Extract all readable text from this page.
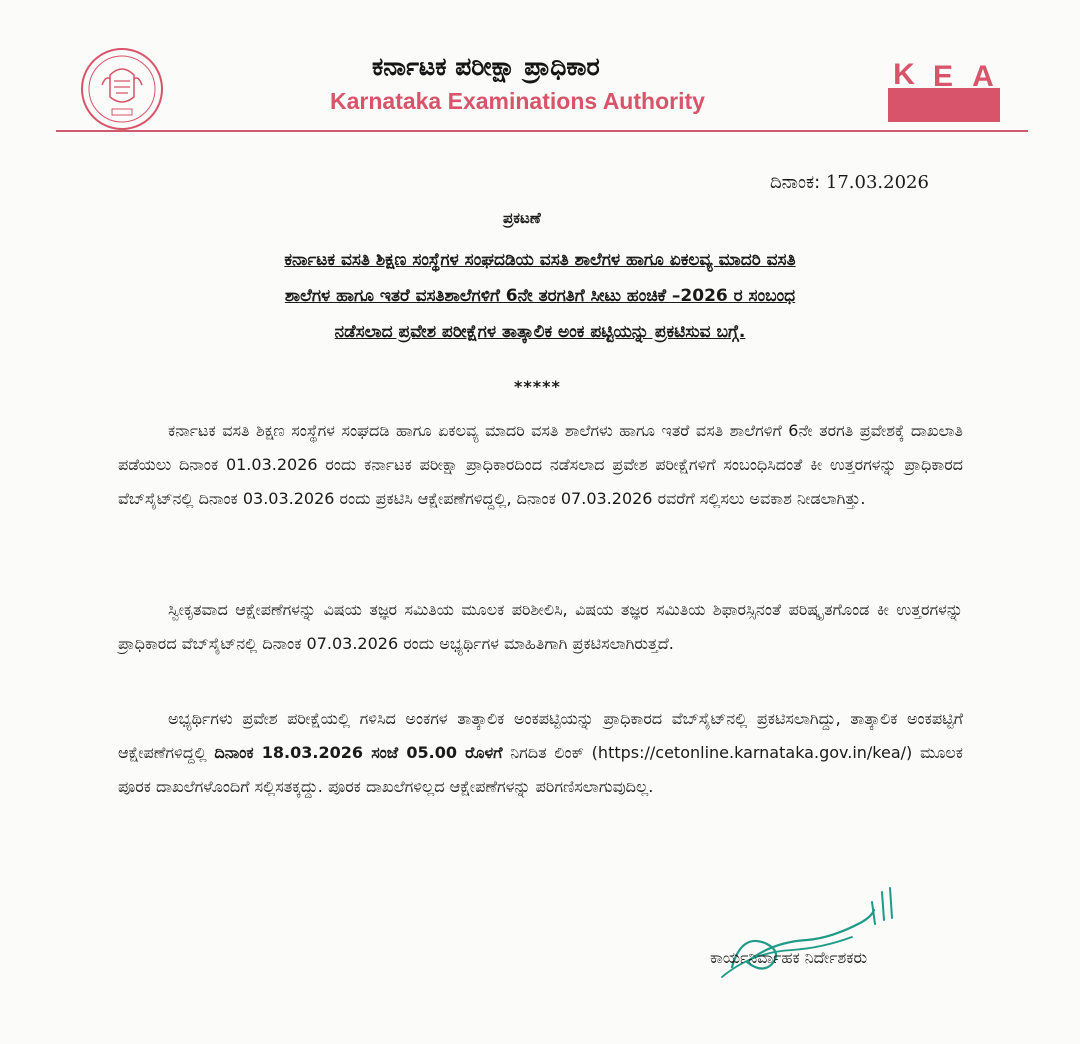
ಕರ್ನಾಟಕ ಪರೀಕ್ಷಾ ಪ್ರಾಧಿಕಾರ
Karnataka Examinations Authority
K E A
ದಿನಾಂಕ: 17.03.2026
ಪ್ರಕಟಣೆ
ಕರ್ನಾಟಕ ವಸತಿ ಶಿಕ್ಷಣ ಸಂಸ್ಥೆಗಳ ಸಂಘದಡಿಯ ವಸತಿ ಶಾಲೆಗಳ ಹಾಗೂ ಏಕಲವ್ಯ ಮಾದರಿ ವಸತಿ
ಶಾಲೆಗಳ ಹಾಗೂ ಇತರೆ ವಸತಿಶಾಲೆಗಳಿಗೆ 6ನೇ ತರಗತಿಗೆ ಸೀಟು ಹಂಚಿಕೆ –2026 ರ ಸಂಬಂಧ
ನಡೆಸಲಾದ ಪ್ರವೇಶ ಪರೀಕ್ಷೆಗಳ ತಾತ್ಕಾಲಿಕ ಅಂಕ ಪಟ್ಟಿಯನ್ನು ಪ್ರಕಟಿಸುವ ಬಗ್ಗೆ.
*****
ಕರ್ನಾಟಕ ವಸತಿ ಶಿಕ್ಷಣ ಸಂಸ್ಥೆಗಳ ಸಂಘದಡಿ ಹಾಗೂ ಏಕಲವ್ಯ ಮಾದರಿ ವಸತಿ ಶಾಲೆಗಳು ಹಾಗೂ ಇತರೆ ವಸತಿ ಶಾಲೆಗಳಿಗೆ 6ನೇ ತರಗತಿ ಪ್ರವೇಶಕ್ಕೆ ದಾಖಲಾತಿ ಪಡೆಯಲು ದಿನಾಂಕ 01.03.2026 ರಂದು ಕರ್ನಾಟಕ ಪರೀಕ್ಷಾ ಪ್ರಾಧಿಕಾರದಿಂದ ನಡೆಸಲಾದ ಪ್ರವೇಶ ಪರೀಕ್ಷೆಗಳಿಗೆ ಸಂಬಂಧಿಸಿದಂತೆ ಕೀ ಉತ್ತರಗಳನ್ನು ಪ್ರಾಧಿಕಾರದ ವೆಬ್‌ಸೈಟ್‌ನಲ್ಲಿ ದಿನಾಂಕ 03.03.2026 ರಂದು ಪ್ರಕಟಿಸಿ ಆಕ್ಷೇಪಣೆಗಳಿದ್ದಲ್ಲಿ, ದಿನಾಂಕ 07.03.2026 ರವರೆಗೆ ಸಲ್ಲಿಸಲು ಅವಕಾಶ ನೀಡಲಾಗಿತ್ತು.
ಸ್ವೀಕೃತವಾದ ಆಕ್ಷೇಪಣೆಗಳನ್ನು ವಿಷಯ ತಜ್ಞರ ಸಮಿತಿಯ ಮೂಲಕ ಪರಿಶೀಲಿಸಿ, ವಿಷಯ ತಜ್ಞರ ಸಮಿತಿಯ ಶಿಫಾರಸ್ಸಿನಂತೆ ಪರಿಷ್ಕೃತಗೊಂಡ ಕೀ ಉತ್ತರಗಳನ್ನು ಪ್ರಾಧಿಕಾರದ ವೆಬ್‌ಸೈಟ್‌ನಲ್ಲಿ ದಿನಾಂಕ 07.03.2026 ರಂದು ಅಭ್ಯರ್ಥಿಗಳ ಮಾಹಿತಿಗಾಗಿ ಪ್ರಕಟಿಸಲಾಗಿರುತ್ತದೆ.
ಅಭ್ಯರ್ಥಿಗಳು ಪ್ರವೇಶ ಪರೀಕ್ಷೆಯಲ್ಲಿ ಗಳಿಸಿದ ಅಂಕಗಳ ತಾತ್ಕಾಲಿಕ ಅಂಕಪಟ್ಟಿಯನ್ನು ಪ್ರಾಧಿಕಾರದ ವೆಬ್‌ಸೈಟ್‌ನಲ್ಲಿ ಪ್ರಕಟಿಸಲಾಗಿದ್ದು, ತಾತ್ಕಾಲಿಕ ಅಂಕಪಟ್ಟಿಗೆ ಆಕ್ಷೇಪಣೆಗಳಿದ್ದಲ್ಲಿ ದಿನಾಂಕ 18.03.2026 ಸಂಜೆ 05.00 ರೊಳಗೆ ನಿಗದಿತ ಲಿಂಕ್ (https://cetonline.karnataka.gov.in/kea/) ಮೂಲಕ ಪೂರಕ ದಾಖಲೆಗಳೊಂದಿಗೆ ಸಲ್ಲಿಸತಕ್ಕದ್ದು. ಪೂರಕ ದಾಖಲೆಗಳಿಲ್ಲದ ಆಕ್ಷೇಪಣೆಗಳನ್ನು ಪರಿಗಣಿಸಲಾಗುವುದಿಲ್ಲ.
ಕಾರ್ಯನಿರ್ವಾಹಕ ನಿರ್ದೇಶಕರು
